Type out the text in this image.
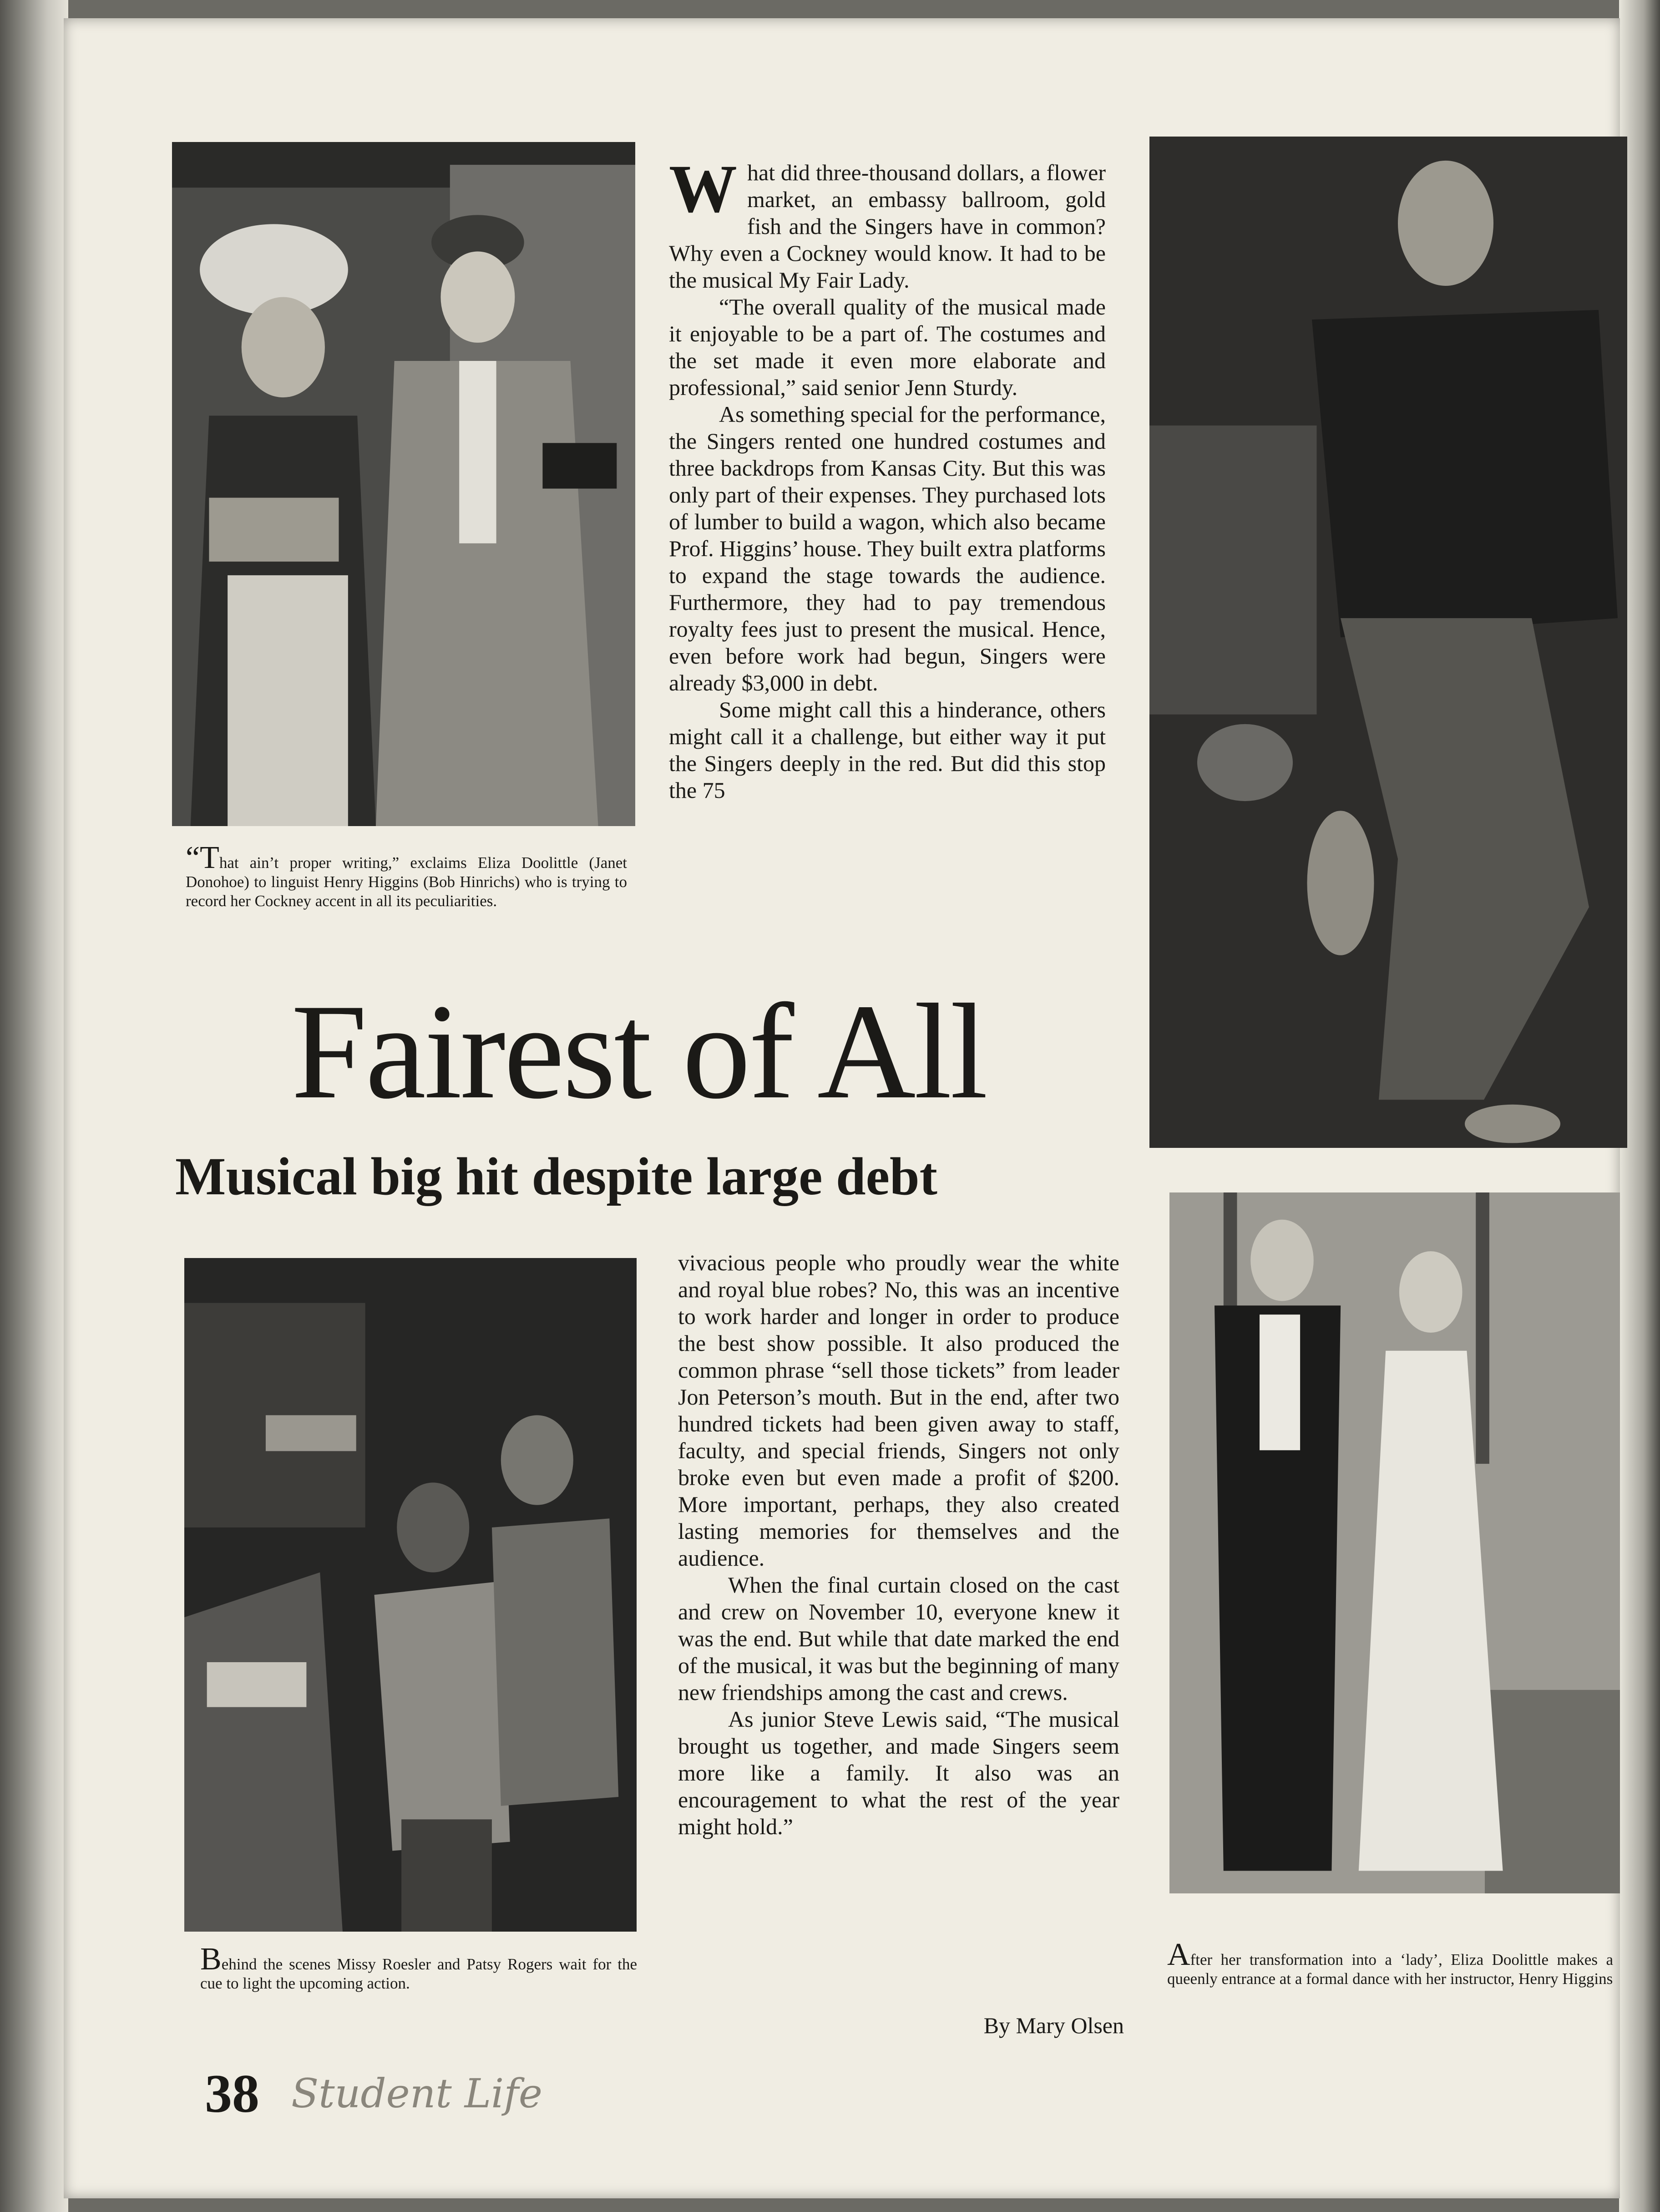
What did three-thousand dollars, a flower market, an embassy ballroom, gold fish and the Singers have in common? Why even a Cockney would know. It had to be the musical My Fair Lady.

“The overall quality of the musical made it enjoyable to be a part of. The costumes and the set made it even more elaborate and professional,” said senior Jenn Sturdy.

As something special for the performance, the Singers rented one hundred costumes and three backdrops from Kansas City. But this was only part of their expenses. They purchased lots of lumber to build a wagon, which also became Prof. Higgins’ house. They built extra platforms to expand the stage towards the audience. Furthermore, they had to pay tremendous royalty fees just to present the musical. Hence, even before work had begun, Singers were already $3,000 in debt.

Some might call this a hinderance, others might call it a challenge, but either way it put the Singers deeply in the red. But did this stop the 75

“That ain’t proper writing,” exclaims Eliza Doolittle (Janet Donohoe) to linguist Henry Higgins (Bob Hinrichs) who is trying to record her Cockney accent in all its peculiarities.
Fairest of All
Musical big hit despite large debt

vivacious people who proudly wear the white and royal blue robes? No, this was an incentive to work harder and longer in order to produce the best show possible. It also produced the common phrase “sell those tickets” from leader Jon Peterson’s mouth. But in the end, after two hundred tickets had been given away to staff, faculty, and special friends, Singers not only broke even but even made a profit of $200. More important, perhaps, they also created lasting memories for themselves and the audience.

When the final curtain closed on the cast and crew on November 10, everyone knew it was the end. But while that date marked the end of the musical, it was but the beginning of many new friendships among the cast and crews.

As junior Steve Lewis said, “The musical brought us together, and made Singers seem more like a family. It also was an encouragement to what the rest of the year might hold.”

By Mary Olsen
Behind the scenes Missy Roesler and Patsy Rogers wait for the cue to light the upcoming action.
After her transformation into a ‘lady’, Eliza Doolittle makes a queenly entrance at a formal dance with her instructor, Henry Higgins
38 Student Life
